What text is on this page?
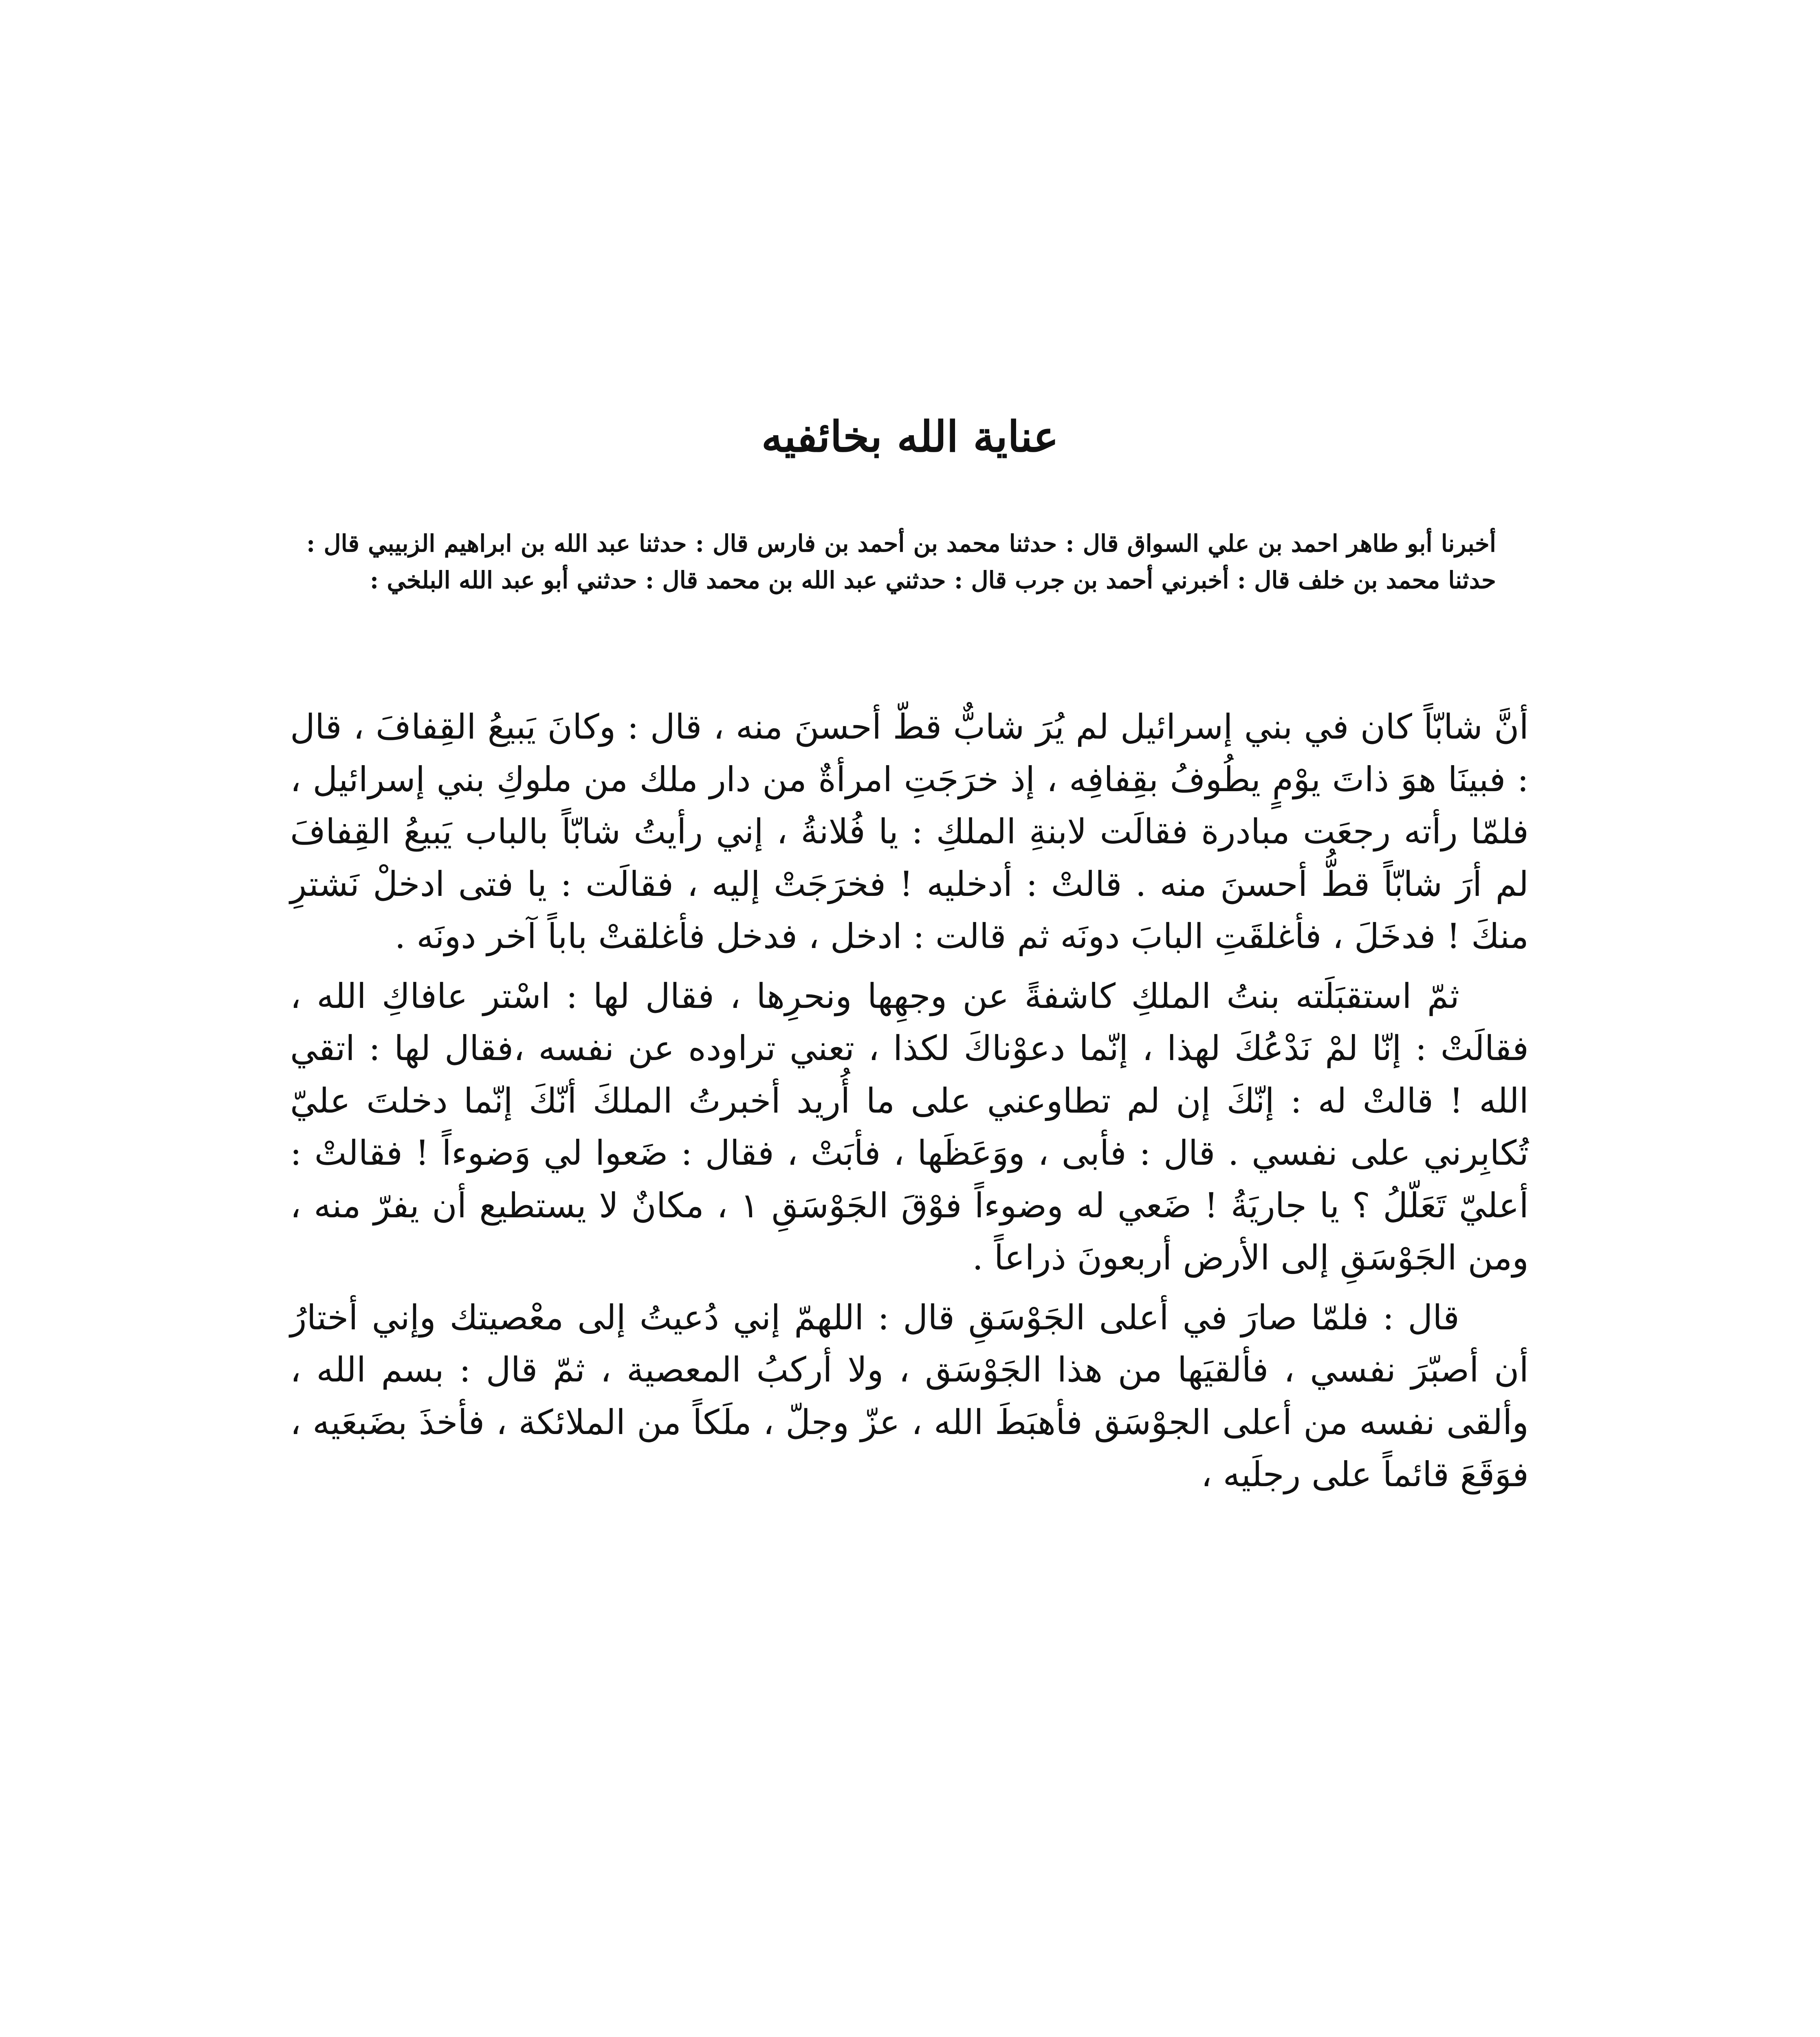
عناية الله بخائفيه
أخبرنا أبو طاهر احمد بن علي السواق قال : حدثنا محمد بن أحمد بن فارس قال : حدثنا عبد الله بن ابراهيم الزبيبي قال : حدثنا محمد بن خلف قال : أخبرني أحمد بن جرب قال : حدثني عبد الله بن محمد قال : حدثني أبو عبد الله البلخي :

أنَّ شابّاً كان في بني إسرائيل لم يُرَ شابٌّ قطّ أحسنَ منه ، قال : وكانَ يَبيعُ القِفافَ ، قال : فبينَا هوَ ذاتَ يوْمٍ يطُوفُ بقِفافِه ، إذ خرَجَتِ امرأةٌ من دار ملك من ملوكِ بني إسرائيل ، فلمّا رأته رجعَت مبادرة فقالَت لابنةِ الملكِ : يا فُلانةُ ، إني رأيتُ شابّاً بالباب يَبيعُ القِفافَ لم أرَ شابّاً قطُّ أحسنَ منه . قالتْ : أدخليه ! فخرَجَتْ إليه ، فقالَت : يا فتى ادخلْ نَشترِ منكَ ! فدخَلَ ، فأغلقَتِ البابَ دونَه ثم قالت : ادخل ، فدخل فأغلقتْ باباً آخر دونَه .

ثمّ استقبَلَته بنتُ الملكِ كاشفةً عن وجهِها ونحرِها ، فقال لها : اسْتر عافاكِ الله ، فقالَتْ : إنّا لمْ نَدْعُكَ لهذا ، إنّما دعوْناكَ لكذا ، تعني تراوده عن نفسه ،فقال لها : اتقي الله ! قالتْ له : إنّكَ إن لم تطاوعني على ما أُريد أخبرتُ الملكَ أنّكَ إنّما دخلتَ عليّ تُكابِرني على نفسي . قال : فأبى ، ووَعَظَها ، فأبَتْ ، فقال : ضَعوا لي وَضوءاً ! فقالتْ : أعليّ تَعَلّلُ ؟ يا جاريَةُ ! ضَعي له وضوءاً فوْقَ الجَوْسَقِ ١ ، مكانٌ لا يستطيع أن يفرّ منه ، ومن الجَوْسَقِ إلى الأرض أربعونَ ذراعاً .

قال : فلمّا صارَ في أعلى الجَوْسَقِ قال : اللهمّ إني دُعيتُ إلى معْصيتك وإني أختارُ أن أصبّرَ نفسي ، فألقيَها من هذا الجَوْسَق ، ولا أركبُ المعصية ، ثمّ قال : بسم الله ، وألقى نفسه من أعلى الجوْسَق فأهبَطَ الله ، عزّ وجلّ ، ملَكاً من الملائكة ، فأخذَ بضَبعَيه ، فوَقَعَ قائماً على رجلَيه ،
